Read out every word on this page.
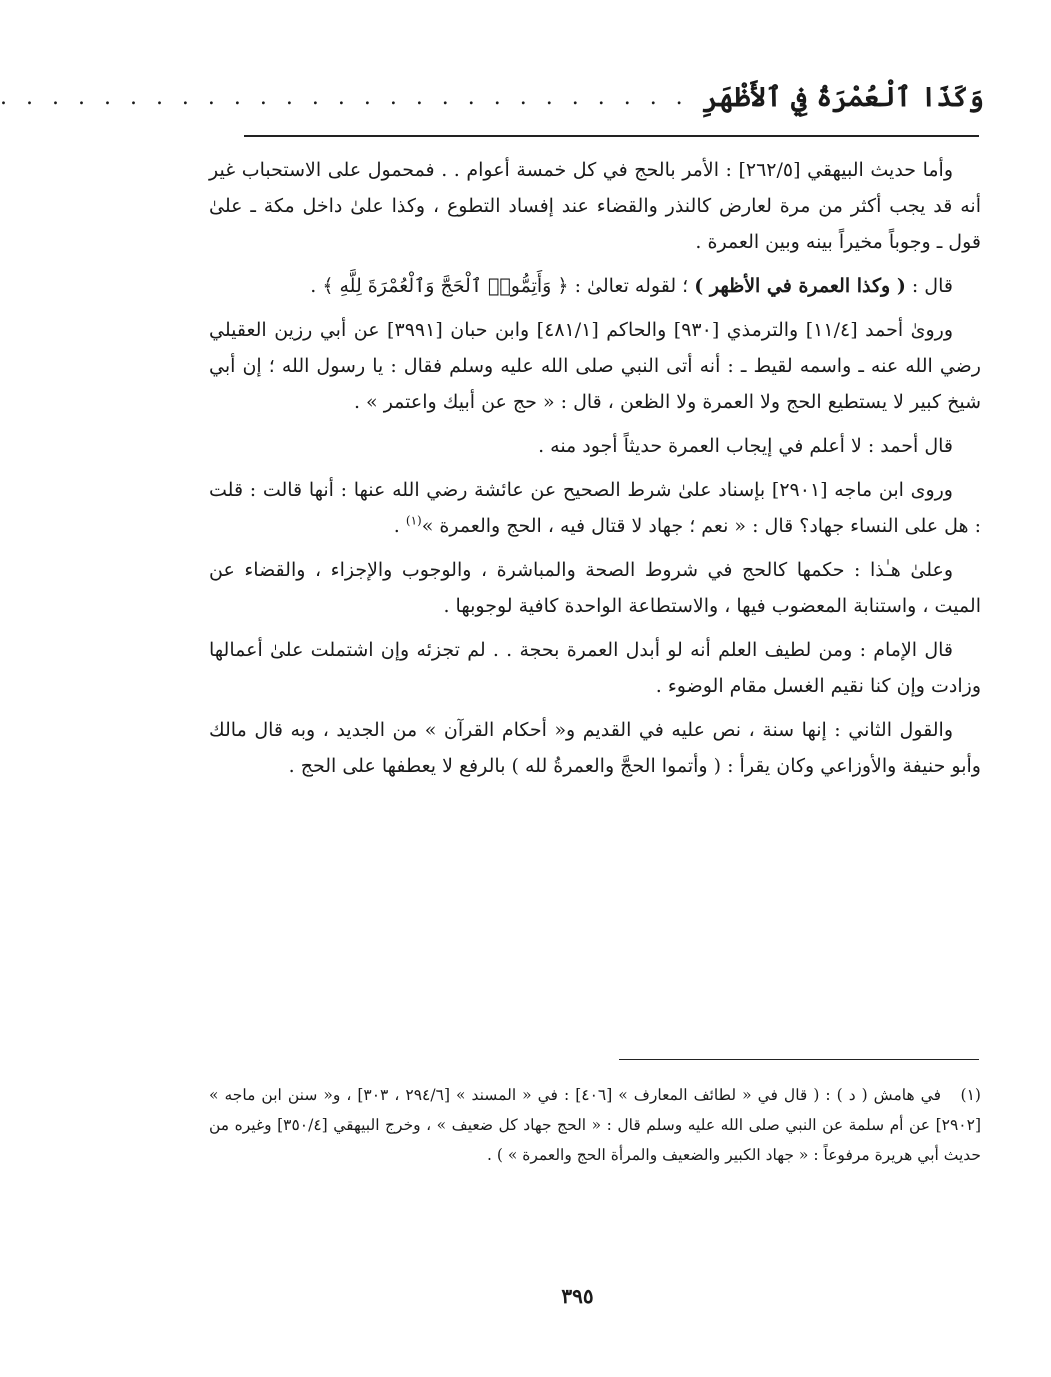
وَكَذَا ٱلْعُمْرَةُ فِي ٱلأَظْهَرِ
. . . . . . . . . . . . . . . . . . . . . . . . . . .

وأما حديث البيهقي [٢٦٢/٥] : الأمر بالحج في كل خمسة أعوام . . فمحمول على الاستحباب غير أنه قد يجب أكثر من مرة لعارض كالنذر والقضاء عند إفساد التطوع ، وكذا علىٰ داخل مكة ـ علىٰ قول ـ وجوباً مخيراً بينه وبين العمرة .

قال : ( وكذا العمرة في الأظهر ) ؛ لقوله تعالىٰ : ﴿ وَأَتِمُّوا۟ ٱلْحَجَّ وَٱلْعُمْرَةَ لِلَّهِ ﴾ .

وروىٰ أحمد [١١/٤] والترمذي [٩٣٠] والحاكم [٤٨١/١] وابن حبان [٣٩٩١] عن أبي رزين العقيلي رضي الله عنه ـ واسمه لقيط ـ : أنه أتى النبي صلى الله عليه وسلم فقال : يا رسول الله ؛ إن أبي شيخ كبير لا يستطيع الحج ولا العمرة ولا الظعن ، قال : « حج عن أبيك واعتمر » .

قال أحمد : لا أعلم في إيجاب العمرة حديثاً أجود منه .

وروى ابن ماجه [٢٩٠١] بإسناد علىٰ شرط الصحيح عن عائشة رضي الله عنها : أنها قالت : قلت : هل على النساء جهاد؟ قال : « نعم ؛ جهاد لا قتال فيه ، الحج والعمرة »$^{(١)}$ .

وعلىٰ هـٰذا : حكمها كالحج في شروط الصحة والمباشرة ، والوجوب والإجزاء ، والقضاء عن الميت ، واستنابة المعضوب فيها ، والاستطاعة الواحدة كافية لوجوبها .

قال الإمام : ومن لطيف العلم أنه لو أبدل العمرة بحجة . . لم تجزئه وإن اشتملت علىٰ أعمالها وزادت وإن كنا نقيم الغسل مقام الوضوء .

والقول الثاني : إنها سنة ، نص عليه في القديم و« أحكام القرآن » من الجديد ، وبه قال مالك وأبو حنيفة والأوزاعي وكان يقرأ : ( وأتموا الحجَّ والعمرةُ لله ) بالرفع لا يعطفها على الحج .

(١)في هامش ( د ) : ( قال في « لطائف المعارف » [٤٠٦] : في « المسند » [٢٩٤/٦ ، ٣٠٣] ، و« سنن ابن ماجه » [٢٩٠٢] عن أم سلمة عن النبي صلى الله عليه وسلم قال : « الحج جهاد كل ضعيف » ، وخرج البيهقي [٣٥٠/٤] وغيره من حديث أبي هريرة مرفوعاً : « جهاد الكبير والضعيف والمرأة الحج والعمرة » ) .
٣٩٥
